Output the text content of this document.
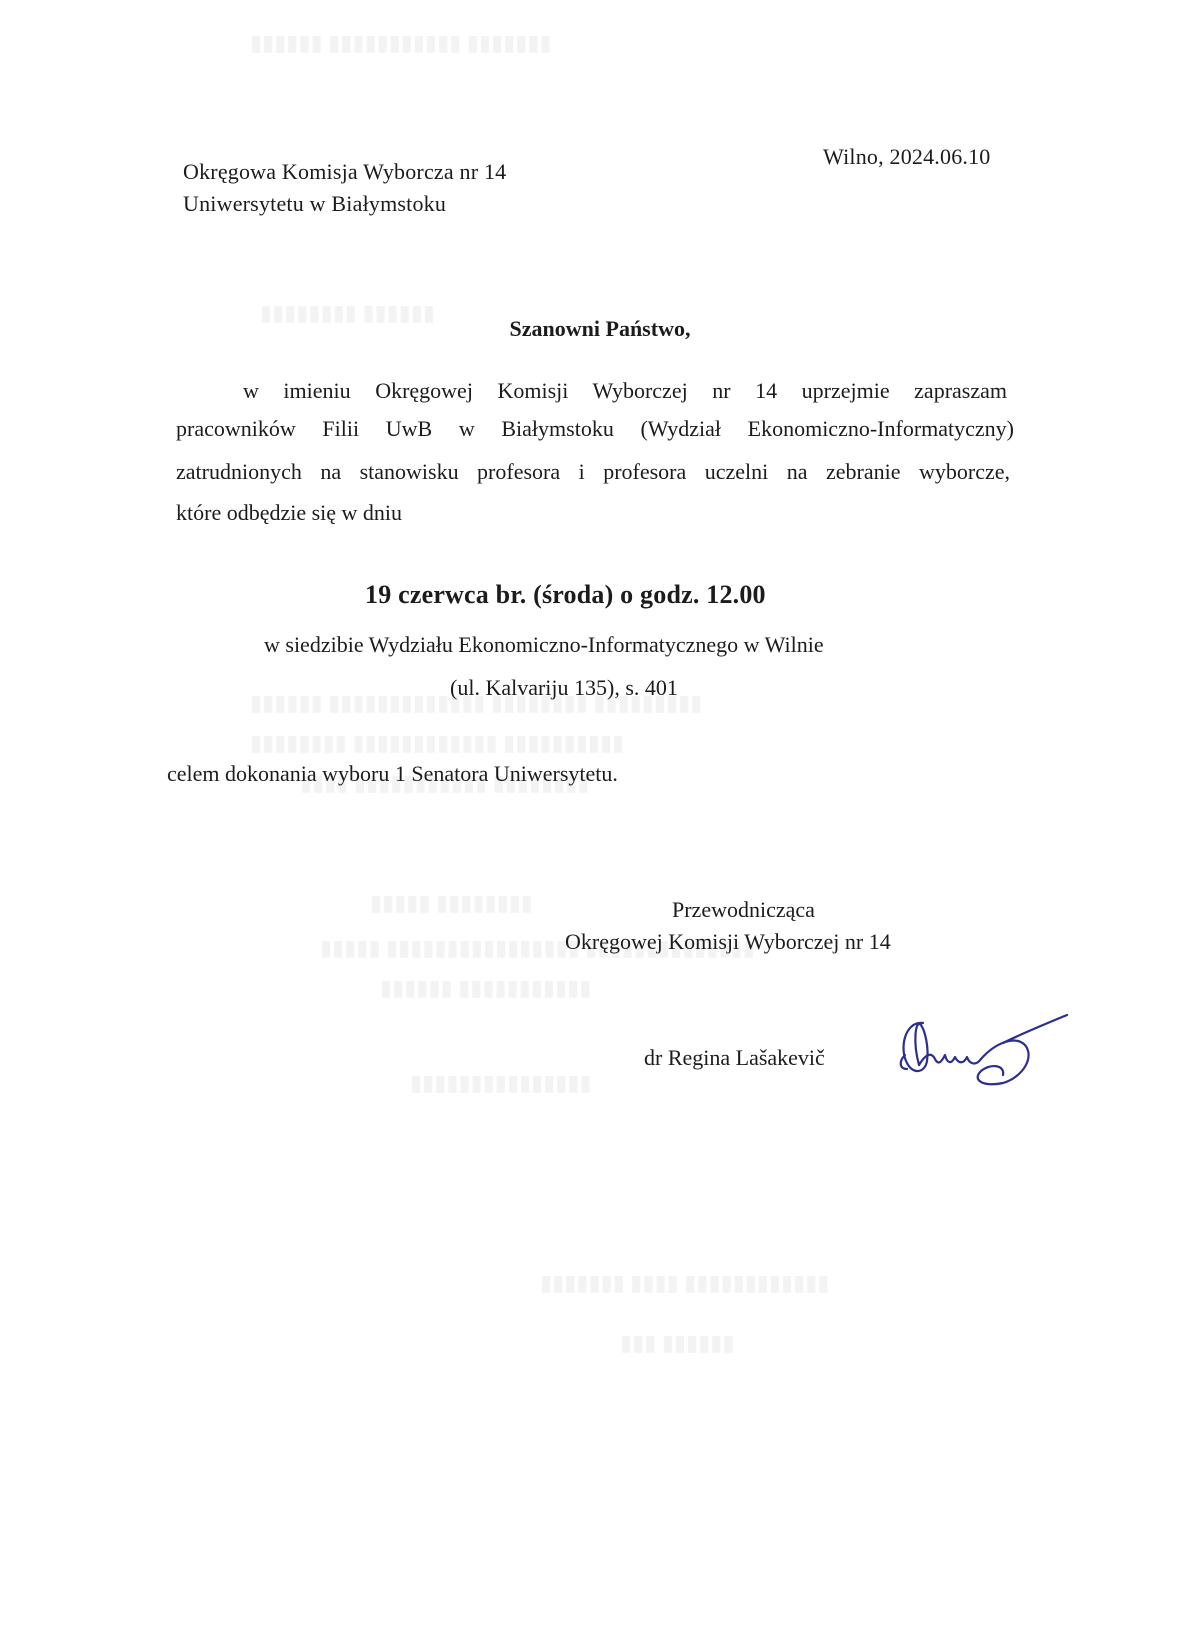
Okręgowa Komisja Wyborcza nr 14
Uniwersytetu w Białymstoku
Wilno, 2024.06.10
Szanowni Państwo,
w imieniu Okręgowej Komisji Wyborczej nr 14 uprzejmie zapraszam
pracowników Filii UwB w Białymstoku (Wydział Ekonomiczno-Informatyczny)
zatrudnionych na stanowisku profesora i profesora uczelni na zebranie wyborcze,
które odbędzie się w dniu
19 czerwca br. (środa) o godz. 12.00
w siedzibie Wydziału Ekonomiczno-Informatycznego w Wilnie
(ul. Kalvariju 135), s. 401
celem dokonania wyboru 1 Senatora Uniwersytetu.
Przewodnicząca
Okręgowej Komisji Wyborczej nr 14
dr Regina Lašakevič
